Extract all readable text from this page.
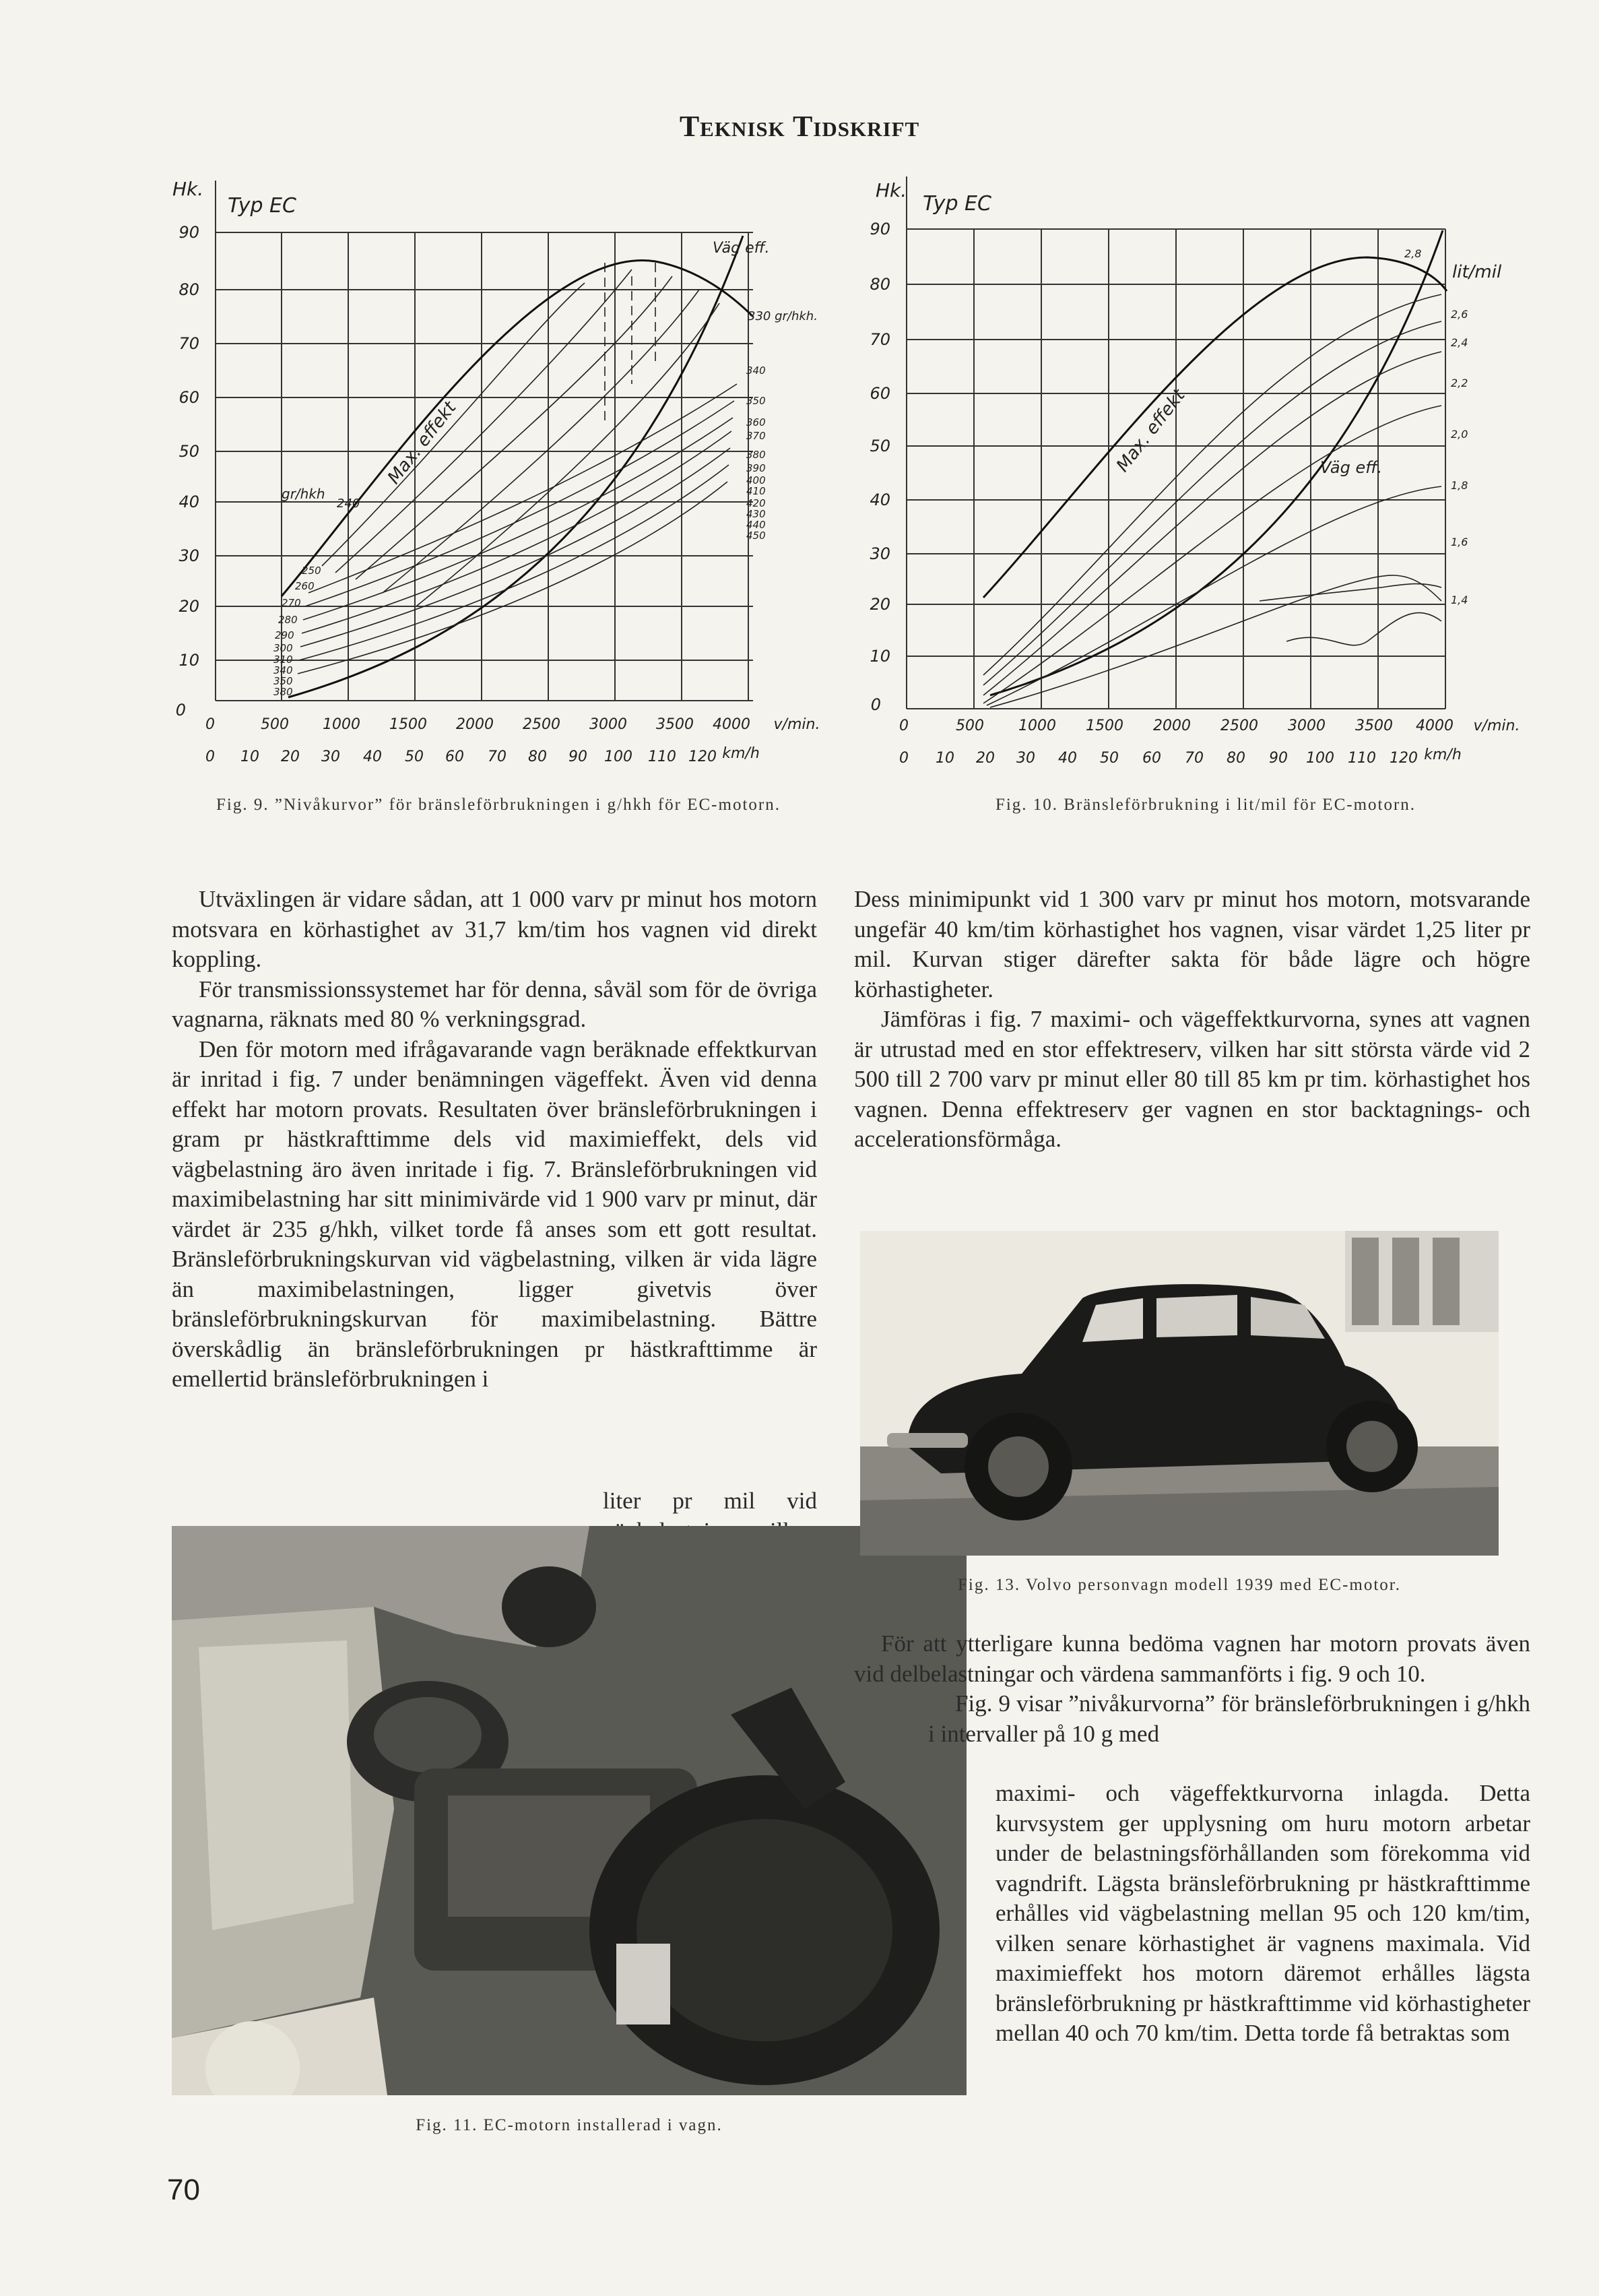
Teknisk Tidskrift
Hk.
Typ EC
90
80
70
60
50
40
30
20
10
0
0	500 1000 1500 2000 2500 3000 3500 4000 v/min.
0 10 20 30 40 50 60 70 80 90 100 110 120 km/h
Väg eff.
Max. effekt
gr/hkh
240
330 gr/hkh.
340
350
360
370
380
390
400
410
420
430
440
450
250
260
270
280
290
300
310
340
350
380
Fig. 9. ”Nivåkurvor” för bränsleförbrukningen i g/hkh för EC-motorn.
Hk.
Typ EC
90
80
70
60
50
40
30
20
10
0
0	500 1000 1500 2000 2500 3000 3500 4000 v/min.
0 10 20 30 40 50 60 70 80 90 100 110 120 km/h
Max. effekt	Väg eff.
lit/mil
2,8
2,6
2,4
2,2
2,0
1,8
1,6
1,4
Fig. 10. Bränsleförbrukning i lit/mil för EC-motorn.

Utväxlingen är vidare sådan, att 1 000 varv pr minut hos motorn motsvara en körhastighet av 31,7 km/tim hos vagnen vid direkt koppling.

För transmissionssystemet har för denna, såväl som för de övriga vagnarna, räknats med 80 % verkningsgrad.

Den för motorn med ifrågavarande vagn beräknade effektkurvan är inritad i fig. 7 under benämningen vägeffekt. Även vid denna effekt har motorn provats. Resultaten över bränsleförbrukningen i gram pr hästkrafttimme dels vid maximieffekt, dels vid vägbelastning äro även inritade i fig. 7. Bränsleförbrukningen vid maximibelastning har sitt minimivärde vid 1 900 varv pr minut, där värdet är 235 g/hkh, vilket torde få anses som ett gott resultat. Bränsleförbrukningskurvan vid vägbelastning, vilken är vida lägre än maximibelastningen, ligger givetvis över bränsleförbrukningskurvan för maximibelastning. Bättre överskådlig än bränsleförbrukningen pr hästkrafttimme är emellertid bränsleförbrukningen i

liter pr mil vid
Fig. 11. EC-motorn installerad i vagn.

Dess minimipunkt vid 1 300 varv pr minut hos motorn, motsvarande ungefär 40 km/tim körhastighet hos vagnen, visar värdet 1,25 liter pr mil. Kurvan stiger därefter sakta för både lägre och högre körhastigheter.

Jämföras i fig. 7 maximi- och vägeffektkurvorna, synes att vagnen är utrustad med en stor effektreserv, vilken har sitt största värde vid 2 500 till 2 700 varv pr minut eller 80 till 85 km pr tim. körhastighet hos vagnen. Denna effektreserv ger vagnen en stor backtagnings- och accelerationsförmåga.

Fig. 13. Volvo personvagn modell 1939 med EC-motor.

För att ytterligare kunna bedöma vagnen har motorn provats även vid delbelastningar och värdena sammanförts i fig. 9 och 10.

Fig. 9 visar ”nivåkurvorna” för bränsleförbrukningen i g/hkh i intervaller på 10 g med

maximi- och vägeffektkurvorna inlagda. Detta kurvsystem ger upplysning om huru motorn arbetar under de belastningsförhållanden som förekomma vid vagndrift. Lägsta bränsleförbrukning pr hästkrafttimme erhålles vid vägbelastning mellan 95 och 120 km/tim, vilken senare körhastighet är vagnens maximala. Vid maximieffekt hos motorn däremot erhålles lägsta bränsleförbrukning pr hästkrafttimme vid körhastigheter mellan 40 och 70 km/tim. Detta torde få betraktas som
70
